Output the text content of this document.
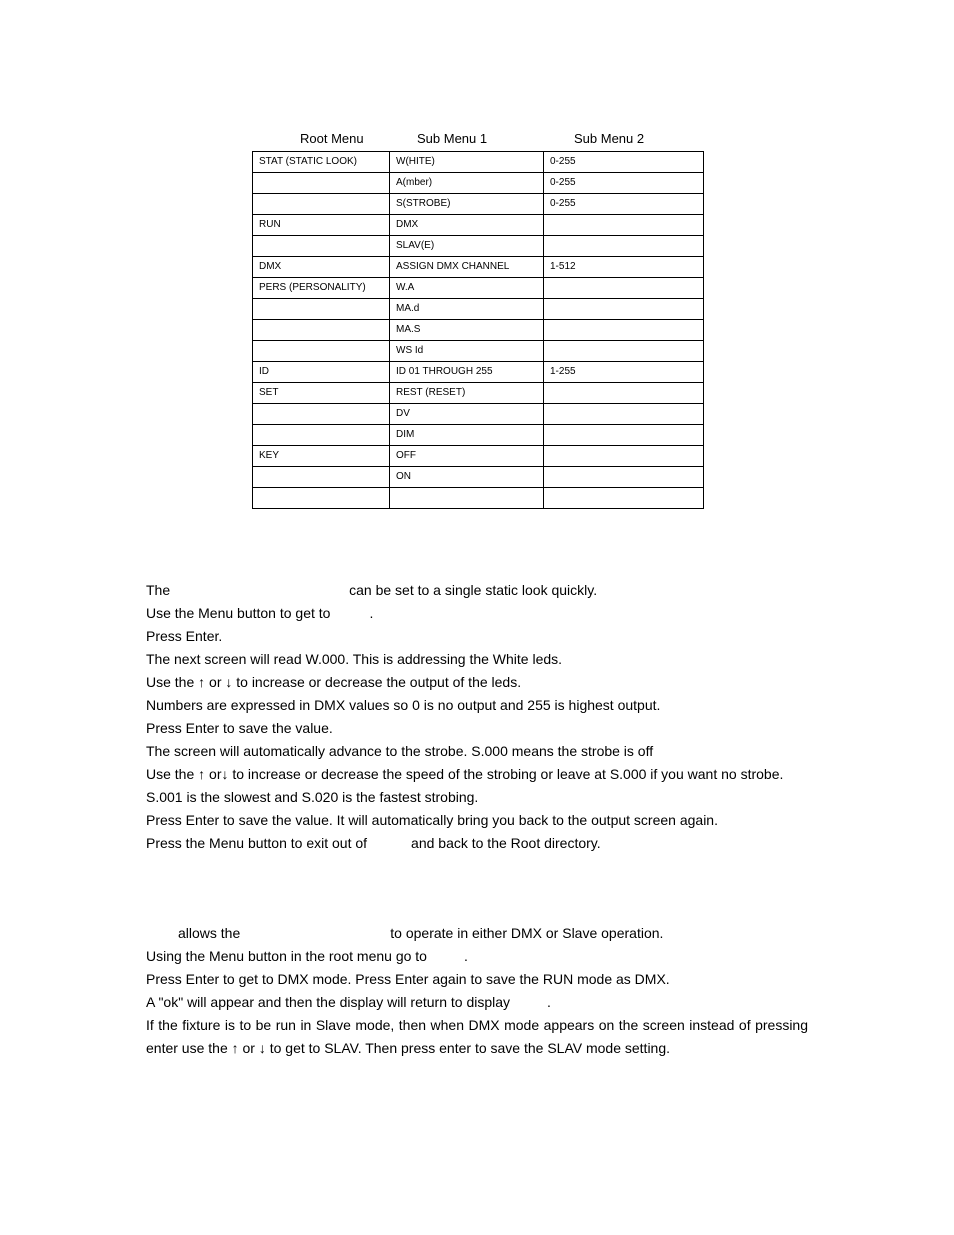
Root Menu	Sub Menu 1	Sub Menu 2
STAT (STATIC LOOK)	W(HITE)	0-255
	A(mber)	0-255
	S(STROBE)	0-255
RUN	DMX	
	SLAV(E)	
DMX	ASSIGN DMX CHANNEL	1-512
PERS (PERSONALITY)	W.A	
	MA.d	
	MA.S	
	WS Id	
ID	ID 01 THROUGH 255	1-255
SET	REST (RESET)	
	DV	
	DIM	
KEY	OFF	
	ON	

The	can be set to a single static look quickly.
Use the Menu button to get to	.
Press Enter.
The next screen will read W.000. This is addressing the White leds.
Use the ↑ or ↓ to increase or decrease the output of the leds.
Numbers are expressed in DMX values so 0 is no output and 255 is highest output.
Press Enter to save the value.
The screen will automatically advance to the strobe. S.000 means the strobe is off
Use the ↑ or↓ to increase or decrease the speed of the strobing or leave at S.000 if you want no strobe.
S.001 is the slowest and S.020 is the fastest strobing.
Press Enter to save the value. It will automatically bring you back to the output screen again.
Press the Menu button to exit out of	and back to the Root directory.
allows the	to operate in either DMX or Slave operation.
Using the Menu button in the root menu go to	.
Press Enter to get to DMX mode. Press Enter again to save the RUN mode as DMX.
A "ok" will appear and then the display will return to display	.
If the fixture is to be run in Slave mode, then when DMX mode appears on the screen instead of pressing enter use the ↑ or ↓ to get to SLAV. Then press enter to save the SLAV mode setting.
